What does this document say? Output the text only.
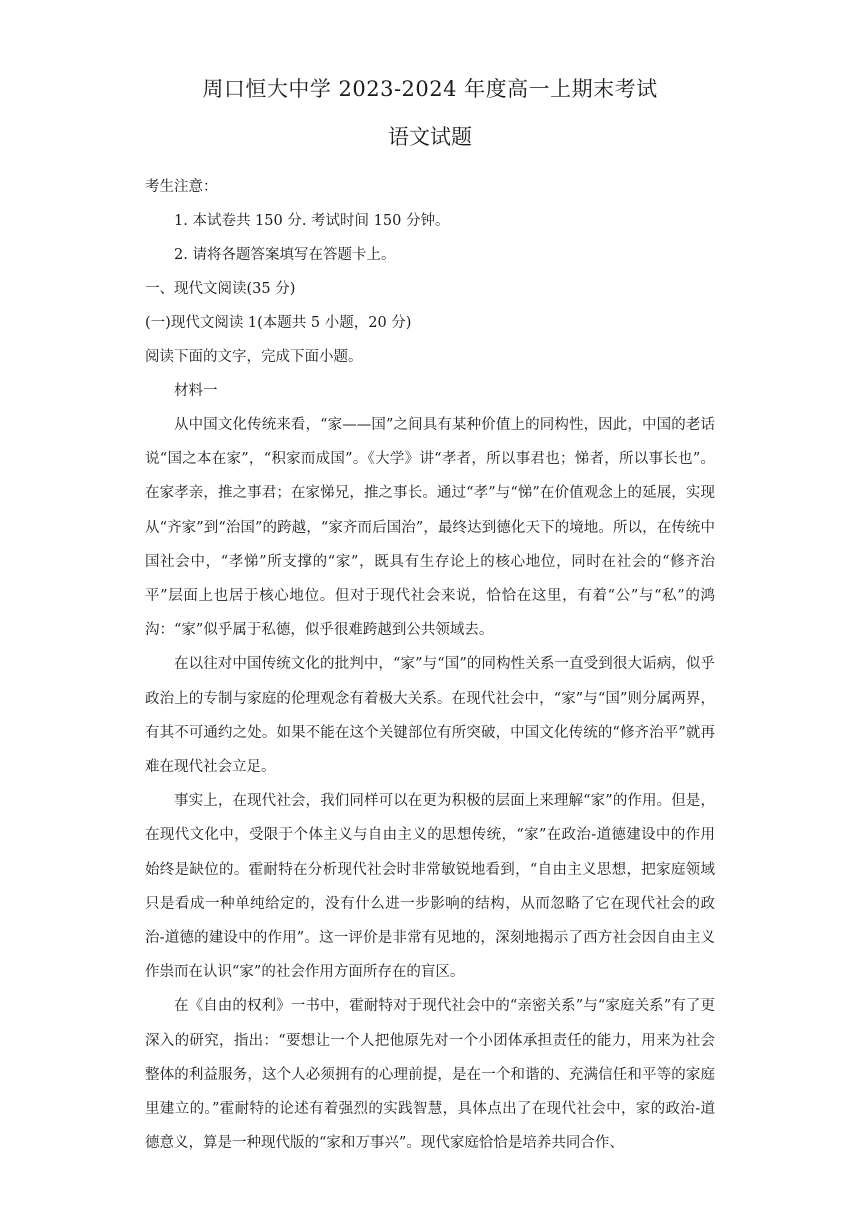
周口恒大中学 2023-2024 年度高一上期末考试
语文试题

考生注意：

1. 本试卷共 150 分. 考试时间 150 分钟。

2. 请将各题答案填写在答题卡上。

一、现代文阅读(35 分)

(一)现代文阅读 1(本题共 5 小题，20 分)

阅读下面的文字，完成下面小题。

材料一

从中国文化传统来看，“家——国”之间具有某种价值上的同构性，因此，中国的老话说“国之本在家”，“积家而成国”。《大学》讲“孝者，所以事君也；悌者，所以事长也”。在家孝亲，推之事君；在家悌兄，推之事长。通过“孝”与“悌”在价值观念上的延展，实现从“齐家”到“治国”的跨越，“家齐而后国治”，最终达到德化天下的境地。所以，在传统中国社会中，“孝悌”所支撑的“家”，既具有生存论上的核心地位，同时在社会的“修齐治平”层面上也居于核心地位。但对于现代社会来说，恰恰在这里，有着“公”与“私”的鸿沟：“家”似乎属于私德，似乎很难跨越到公共领域去。

在以往对中国传统文化的批判中，“家”与“国”的同构性关系一直受到很大诟病，似乎政治上的专制与家庭的伦理观念有着极大关系。在现代社会中，“家”与“国”则分属两界，有其不可通约之处。如果不能在这个关键部位有所突破，中国文化传统的“修齐治平”就再难在现代社会立足。

事实上，在现代社会，我们同样可以在更为积极的层面上来理解“家”的作用。但是，在现代文化中，受限于个体主义与自由主义的思想传统，“家”在政治-道德建设中的作用始终是缺位的。霍耐特在分析现代社会时非常敏锐地看到，“自由主义思想，把家庭领域只是看成一种单纯给定的，没有什么进一步影响的结构，从而忽略了它在现代社会的政治-道德的建设中的作用”。这一评价是非常有见地的，深刻地揭示了西方社会因自由主义作祟而在认识“家”的社会作用方面所存在的盲区。

在《自由的权利》一书中，霍耐特对于现代社会中的“亲密关系”与“家庭关系”有了更深入的研究，指出：“要想让一个人把他原先对一个小团体承担责任的能力，用来为社会整体的利益服务，这个人必须拥有的心理前提，是在一个和谐的、充满信任和平等的家庭里建立的。”霍耐特的论述有着强烈的实践智慧，具体点出了在现代社会中，家的政治-道德意义，算是一种现代版的“家和万事兴”。现代家庭恰恰是培养共同合作、
